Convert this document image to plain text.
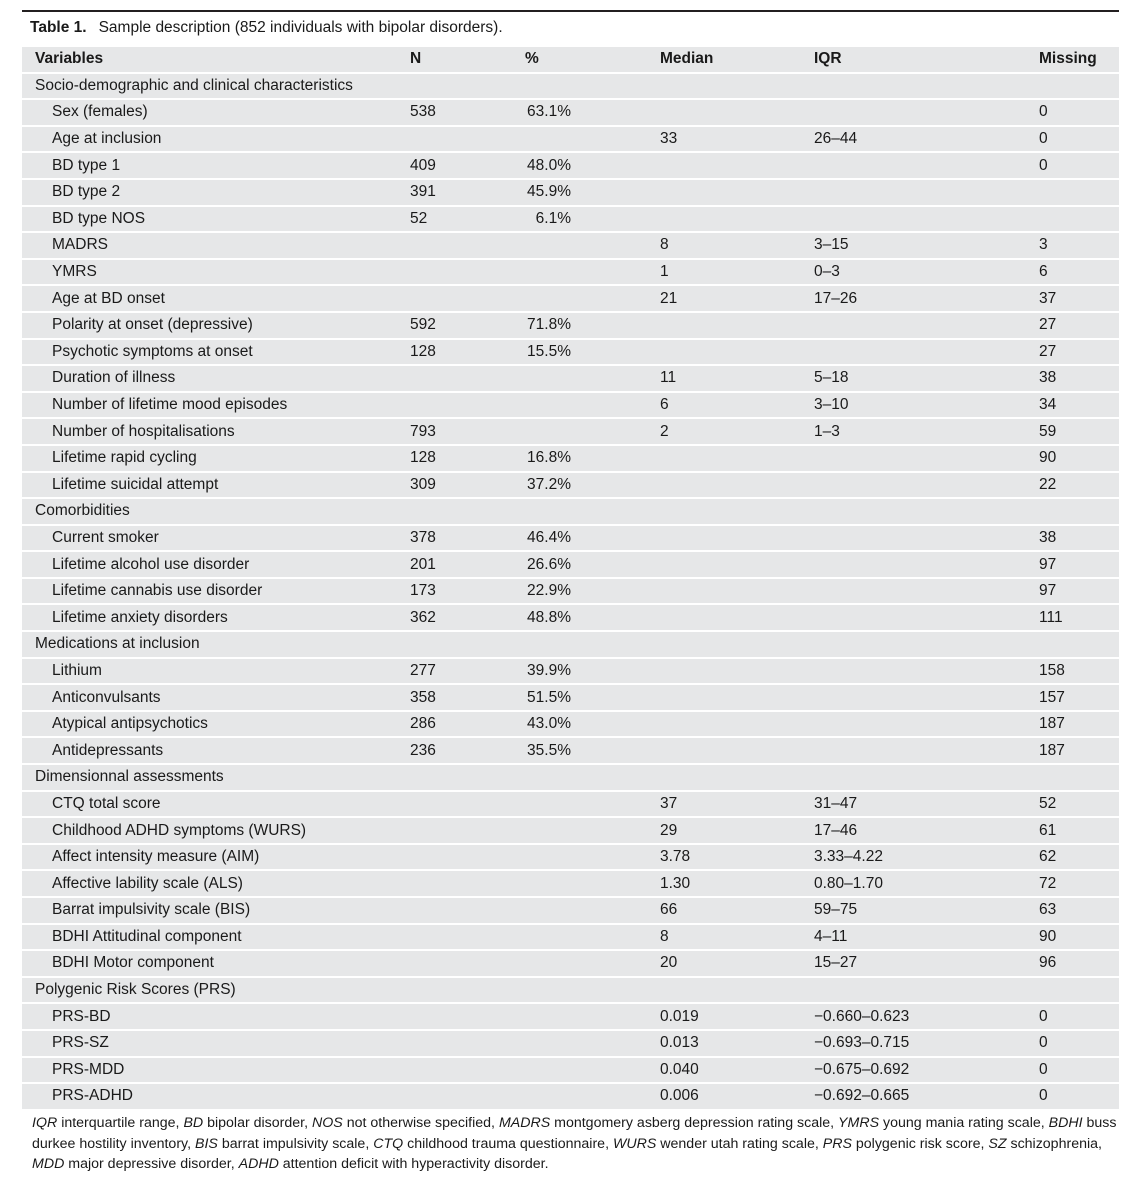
Table 1. Sample description (852 individuals with bipolar disorders).
Variables	N	%	Median	IQR	Missing
Socio-demographic and clinical characteristics					
Sex (females)	538	63.1%			0
Age at inclusion			33	26–44	0
BD type 1	409	48.0%			0
BD type 2	391	45.9%			
BD type NOS	52	6.1%			
MADRS			8	3–15	3
YMRS			1	0–3	6
Age at BD onset			21	17–26	37
Polarity at onset (depressive)	592	71.8%			27
Psychotic symptoms at onset	128	15.5%			27
Duration of illness			11	5–18	38
Number of lifetime mood episodes			6	3–10	34
Number of hospitalisations	793		2	1–3	59
Lifetime rapid cycling	128	16.8%			90
Lifetime suicidal attempt	309	37.2%			22
Comorbidities					
Current smoker	378	46.4%			38
Lifetime alcohol use disorder	201	26.6%			97
Lifetime cannabis use disorder	173	22.9%			97
Lifetime anxiety disorders	362	48.8%			111
Medications at inclusion					
Lithium	277	39.9%			158
Anticonvulsants	358	51.5%			157
Atypical antipsychotics	286	43.0%			187
Antidepressants	236	35.5%			187
Dimensionnal assessments					
CTQ total score			37	31–47	52
Childhood ADHD symptoms (WURS)			29	17–46	61
Affect intensity measure (AIM)			3.78	3.33–4.22	62
Affective lability scale (ALS)			1.30	0.80–1.70	72
Barrat impulsivity scale (BIS)			66	59–75	63
BDHI Attitudinal component			8	4–11	90
BDHI Motor component			20	15–27	96
Polygenic Risk Scores (PRS)					
PRS-BD			0.019	−0.660–0.623	0
PRS-SZ			0.013	−0.693–0.715	0
PRS-MDD			0.040	−0.675–0.692	0
PRS-ADHD			0.006	−0.692–0.665	0
IQR interquartile range, BD bipolar disorder, NOS not otherwise specified, MADRS montgomery asberg depression rating scale, YMRS young mania rating scale, BDHI buss durkee hostility inventory, BIS barrat impulsivity scale, CTQ childhood trauma questionnaire, WURS wender utah rating scale, PRS polygenic risk score, SZ schizophrenia, MDD major depressive disorder, ADHD attention deficit with hyperactivity disorder.
